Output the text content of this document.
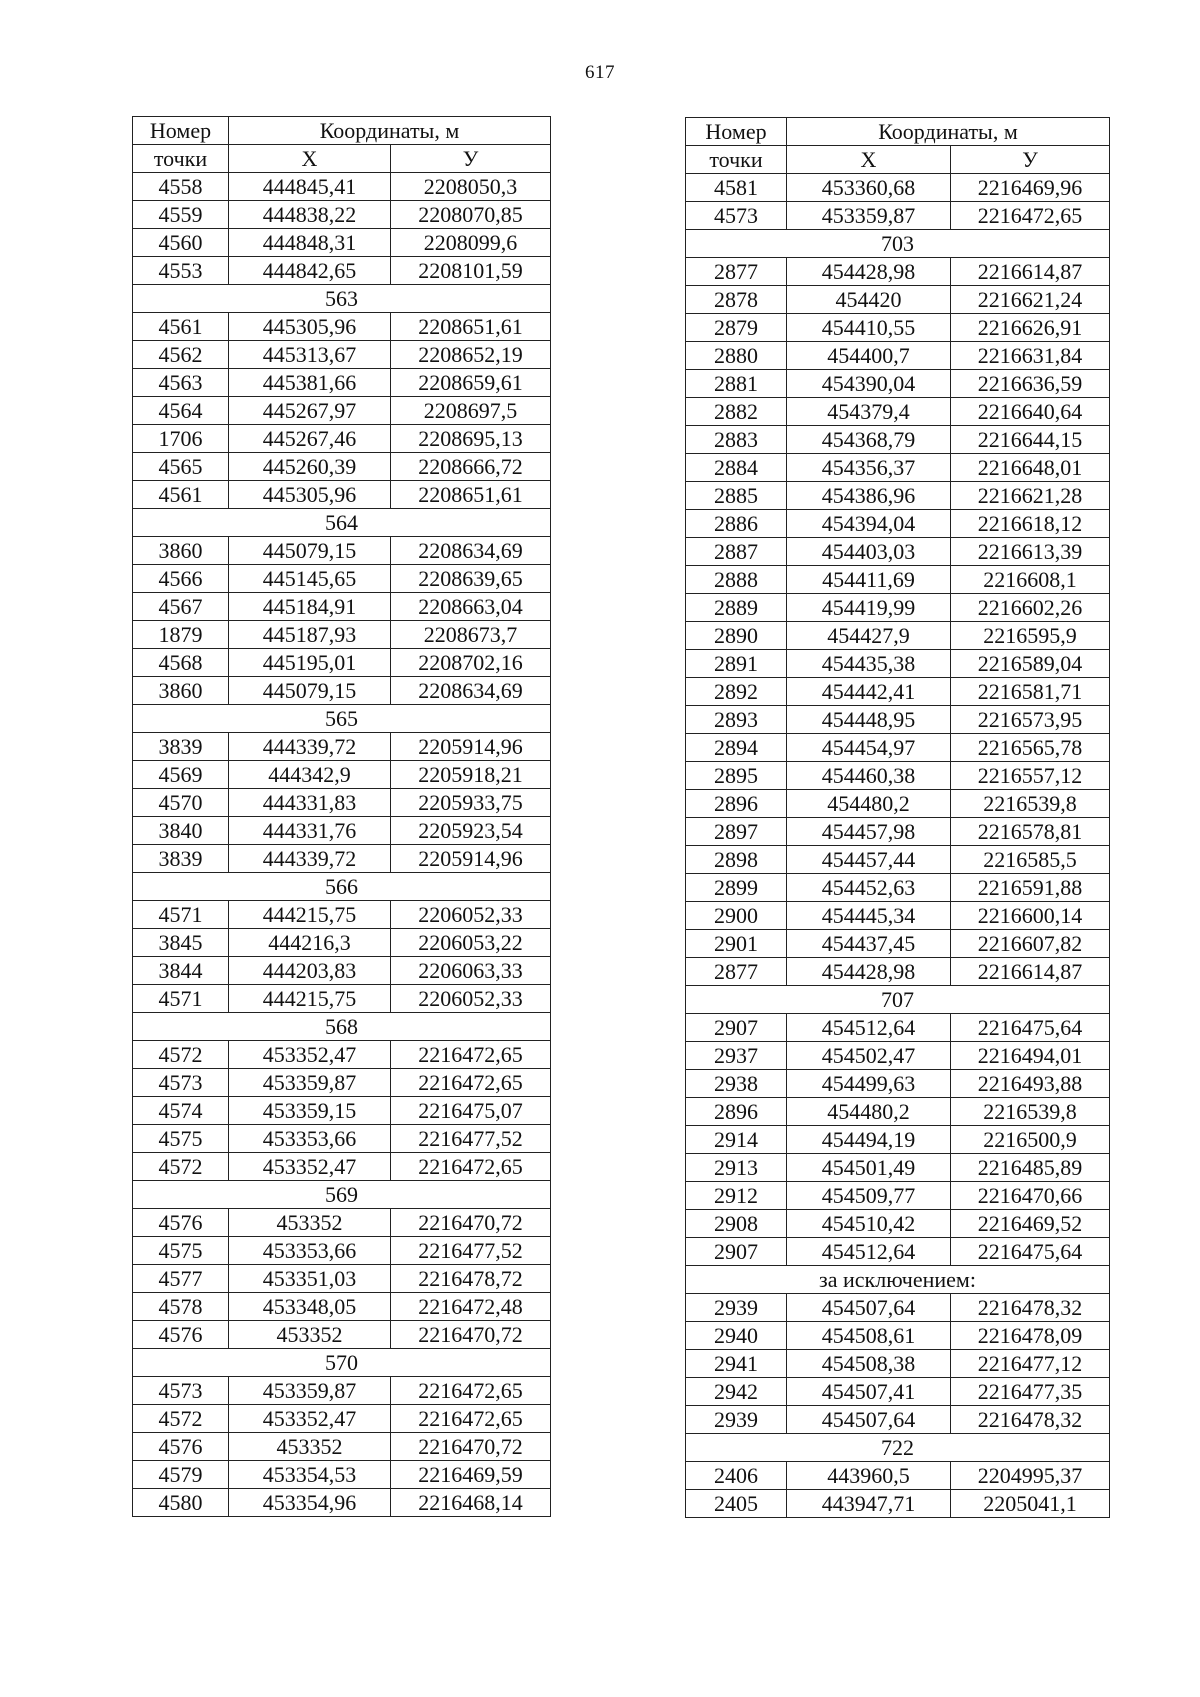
617
Номер	Координаты, м	
точки	X	У
4558	444845,41	2208050,3
4559	444838,22	2208070,85
4560	444848,31	2208099,6
4553	444842,65	2208101,59
563		
4561	445305,96	2208651,61
4562	445313,67	2208652,19
4563	445381,66	2208659,61
4564	445267,97	2208697,5
1706	445267,46	2208695,13
4565	445260,39	2208666,72
4561	445305,96	2208651,61
564		
3860	445079,15	2208634,69
4566	445145,65	2208639,65
4567	445184,91	2208663,04
1879	445187,93	2208673,7
4568	445195,01	2208702,16
3860	445079,15	2208634,69
565		
3839	444339,72	2205914,96
4569	444342,9	2205918,21
4570	444331,83	2205933,75
3840	444331,76	2205923,54
3839	444339,72	2205914,96
566		
4571	444215,75	2206052,33
3845	444216,3	2206053,22
3844	444203,83	2206063,33
4571	444215,75	2206052,33
568		
4572	453352,47	2216472,65
4573	453359,87	2216472,65
4574	453359,15	2216475,07
4575	453353,66	2216477,52
4572	453352,47	2216472,65
569		
4576	453352	2216470,72
4575	453353,66	2216477,52
4577	453351,03	2216478,72
4578	453348,05	2216472,48
4576	453352	2216470,72
570		
4573	453359,87	2216472,65
4572	453352,47	2216472,65
4576	453352	2216470,72
4579	453354,53	2216469,59
4580	453354,96	2216468,14
Номер	Координаты, м	
точки	X	У
4581	453360,68	2216469,96
4573	453359,87	2216472,65
703		
2877	454428,98	2216614,87
2878	454420	2216621,24
2879	454410,55	2216626,91
2880	454400,7	2216631,84
2881	454390,04	2216636,59
2882	454379,4	2216640,64
2883	454368,79	2216644,15
2884	454356,37	2216648,01
2885	454386,96	2216621,28
2886	454394,04	2216618,12
2887	454403,03	2216613,39
2888	454411,69	2216608,1
2889	454419,99	2216602,26
2890	454427,9	2216595,9
2891	454435,38	2216589,04
2892	454442,41	2216581,71
2893	454448,95	2216573,95
2894	454454,97	2216565,78
2895	454460,38	2216557,12
2896	454480,2	2216539,8
2897	454457,98	2216578,81
2898	454457,44	2216585,5
2899	454452,63	2216591,88
2900	454445,34	2216600,14
2901	454437,45	2216607,82
2877	454428,98	2216614,87
707		
2907	454512,64	2216475,64
2937	454502,47	2216494,01
2938	454499,63	2216493,88
2896	454480,2	2216539,8
2914	454494,19	2216500,9
2913	454501,49	2216485,89
2912	454509,77	2216470,66
2908	454510,42	2216469,52
2907	454512,64	2216475,64
за исключением:		
2939	454507,64	2216478,32
2940	454508,61	2216478,09
2941	454508,38	2216477,12
2942	454507,41	2216477,35
2939	454507,64	2216478,32
722		
2406	443960,5	2204995,37
2405	443947,71	2205041,1
